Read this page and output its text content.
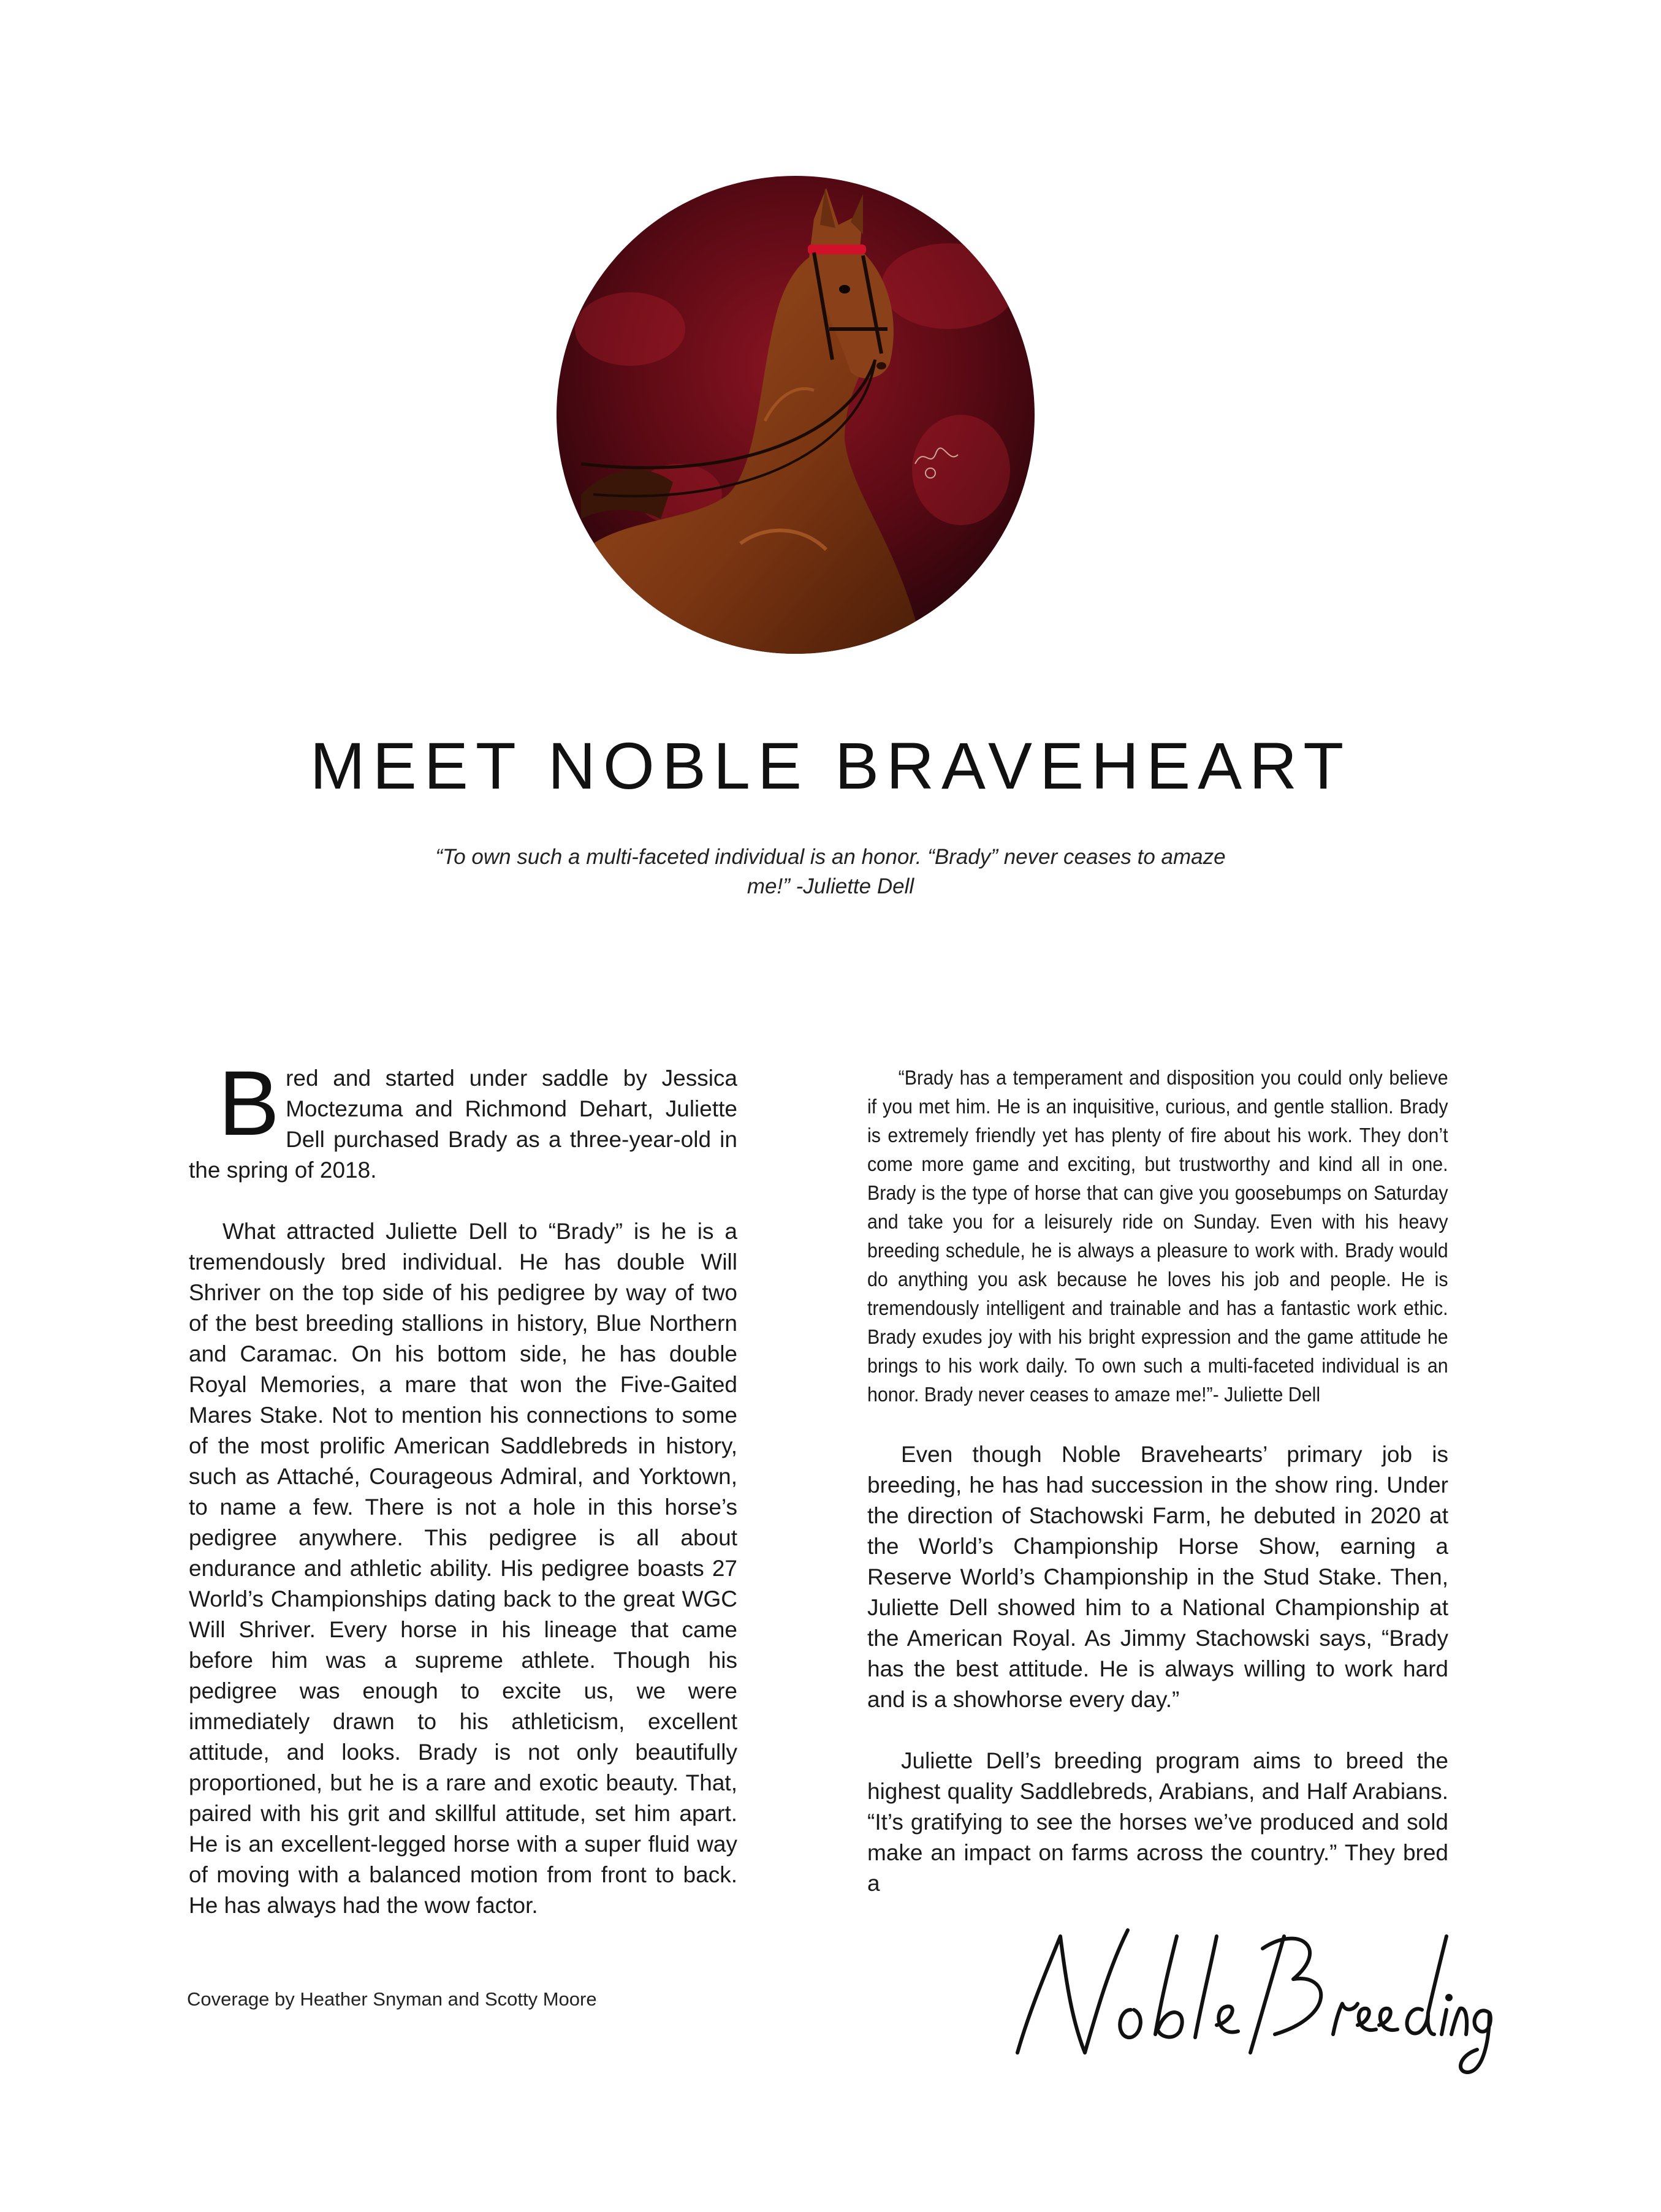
MEET NOBLE BRAVEHEART
“To own such a multi-faceted individual is an honor. “Brady” never ceases to amaze me!” -Juliette Dell

Bred and started under saddle by Jessica Moctezuma and Richmond Dehart, Juliette Dell purchased Brady as a three-year-old in the spring of 2018.

What attracted Juliette Dell to “Brady” is he is a tremendously bred individual. He has double Will Shriver on the top side of his pedigree by way of two of the best breeding stallions in history, Blue Northern and Caramac. On his bottom side, he has double Royal Memories, a mare that won the Five-Gaited Mares Stake. Not to mention his connections to some of the most prolific American Saddlebreds in history, such as Attaché, Courageous Admiral, and Yorktown, to name a few. There is not a hole in this horse’s pedigree anywhere. This pedigree is all about endurance and athletic ability. His pedigree boasts 27 World’s Championships dating back to the great WGC Will Shriver. Every horse in his lineage that came before him was a supreme athlete. Though his pedigree was enough to excite us, we were immediately drawn to his athleticism, excellent attitude, and looks. Brady is not only beautifully proportioned, but he is a rare and exotic beauty. That, paired with his grit and skillful attitude, set him apart. He is an excellent-legged horse with a super fluid way of moving with a balanced motion from front to back. He has always had the wow factor.

“Brady has a temperament and disposition you could only believe if you met him. He is an inquisitive, curious, and gentle stallion. Brady is extremely friendly yet has plenty of fire about his work. They don’t come more game and exciting, but trustworthy and kind all in one. Brady is the type of horse that can give you goosebumps on Saturday and take you for a leisurely ride on Sunday. Even with his heavy breeding schedule, he is always a pleasure to work with. Brady would do anything you ask because he loves his job and people. He is tremendously intelligent and trainable and has a fantastic work ethic. Brady exudes joy with his bright expression and the game attitude he brings to his work daily. To own such a multi-faceted individual is an honor. Brady never ceases to amaze me!”- Juliette Dell

Even though Noble Bravehearts’ primary job is breeding, he has had succession in the show ring. Under the direction of Stachowski Farm, he debuted in 2020 at the World’s Championship Horse Show, earning a Reserve World’s Championship in the Stud Stake. Then, Juliette Dell showed him to a National Championship at the American Royal. As Jimmy Stachowski says, “Brady has the best attitude. He is always willing to work hard and is a showhorse every day.”

Juliette Dell’s breeding program aims to breed the highest quality Saddlebreds, Arabians, and Half Arabians. “It’s gratifying to see the horses we’ve produced and sold make an impact on farms across the country.” They bred a

Coverage by Heather Snyman and Scotty Moore
